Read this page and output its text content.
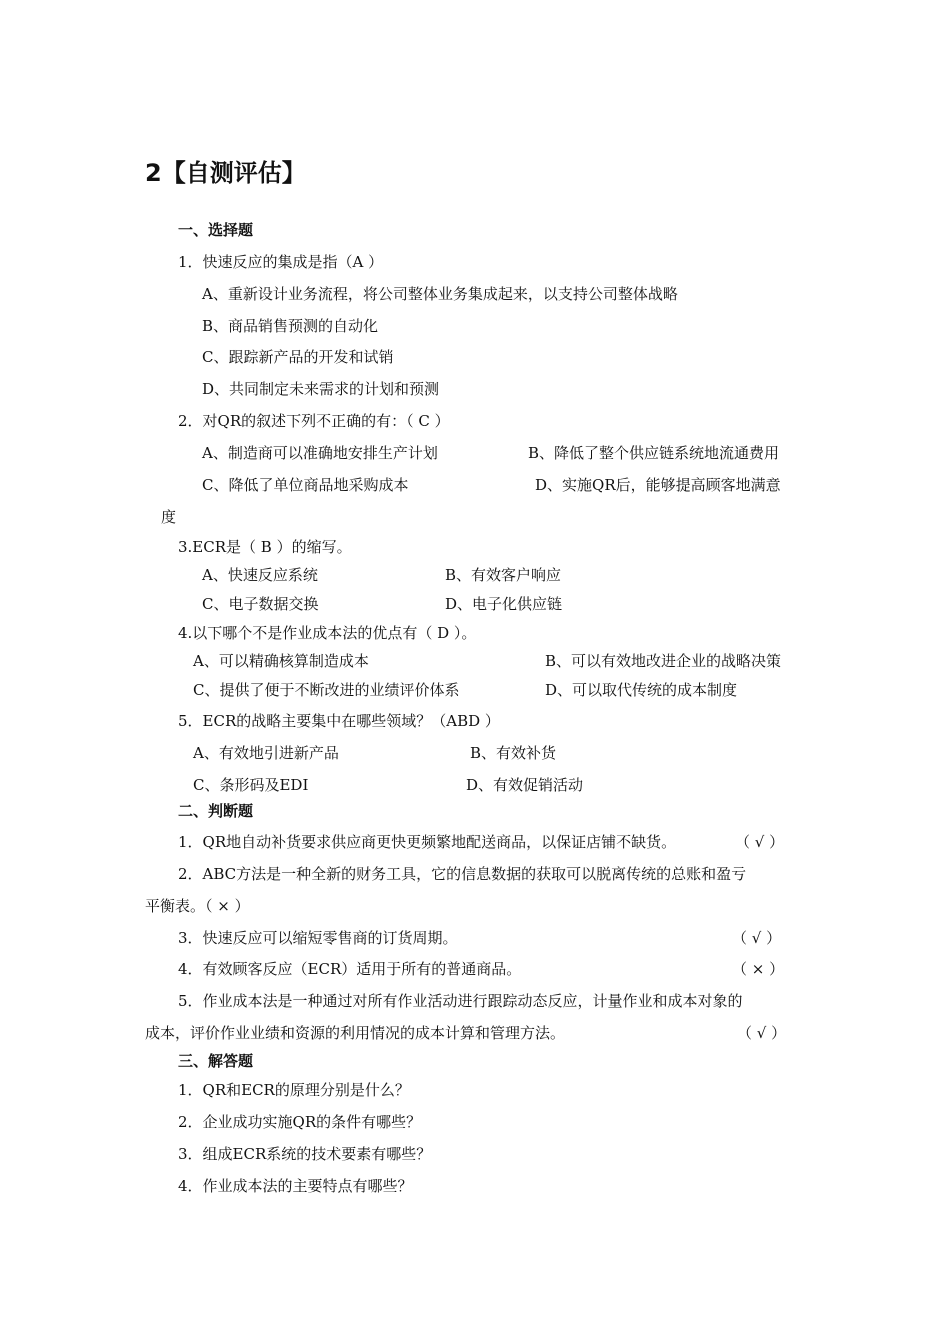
2【自测评估】
一、选择题
1．快速反应的集成是指（A ）
A、重新设计业务流程，将公司整体业务集成起来，以支持公司整体战略
B、商品销售预测的自动化
C、跟踪新产品的开发和试销
D、共同制定未来需求的计划和预测
2．对QR的叙述下列不正确的有：（ C ）
A、制造商可以准确地安排生产计划	B、降低了整个供应链系统地流通费用
C、降低了单位商品地采购成本	D、实施QR后，能够提高顾客地满意
度
3.ECR是（ B ）的缩写。
A、快速反应系统	B、有效客户响应
C、电子数据交换	D、电子化供应链
4.以下哪个不是作业成本法的优点有（ D ）。
A、可以精确核算制造成本	B、可以有效地改进企业的战略决策
C、提供了便于不断改进的业绩评价体系	D、可以取代传统的成本制度
5．ECR的战略主要集中在哪些领域？（ABD ）
A、有效地引进新产品	B、有效补货
C、条形码及EDI	D、有效促销活动
二、判断题
1．QR地自动补货要求供应商更快更频繁地配送商品，以保证店铺不缺货。	（ √ ）
2．ABC方法是一种全新的财务工具，它的信息数据的获取可以脱离传统的总账和盈亏
平衡表。（ × ）
3．快速反应可以缩短零售商的订货周期。	（ √ ）
4．有效顾客反应（ECR）适用于所有的普通商品。	（ × ）
5．作业成本法是一种通过对所有作业活动进行跟踪动态反应，计量作业和成本对象的
成本，评价作业业绩和资源的利用情况的成本计算和管理方法。	（ √ ）
三、解答题
1．QR和ECR的原理分别是什么？
2．企业成功实施QR的条件有哪些？
3．组成ECR系统的技术要素有哪些？
4．作业成本法的主要特点有哪些？
